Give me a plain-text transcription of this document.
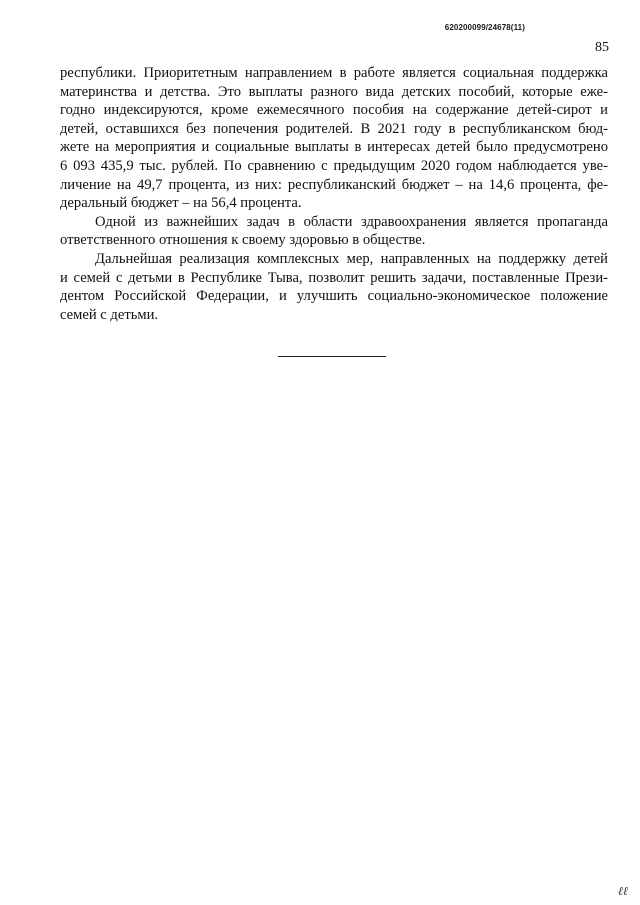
620200099/24678(11)
85

республики. Приоритетным направлением в работе является социальная поддержка
материнства и детства. Это выплаты разного вида детских пособий, которые еже-
годно индексируются, кроме ежемесячного пособия на содержание детей-сирот и
детей, оставшихся без попечения родителей. В 2021 году в республиканском бюд-
жете на мероприятия и социальные выплаты в интересах детей было предусмотрено
6 093 435,9 тыс. рублей. По сравнению с предыдущим 2020 годом наблюдается уве-
личение на 49,7 процента, из них: республиканский бюджет – на 14,6 процента, фе-
деральный бюджет – на 56,4 процента.

Одной из важнейших задач в области здравоохранения является пропаганда
ответственного отношения к своему здоровью в обществе.

Дальнейшая реализация комплексных мер, направленных на поддержку детей
и семей с детьми в Республике Тыва, позволит решить задачи, поставленные Прези-
дентом Российской Федерации, и улучшить социально-экономическое положение
семей с детьми.

ℓℓ
